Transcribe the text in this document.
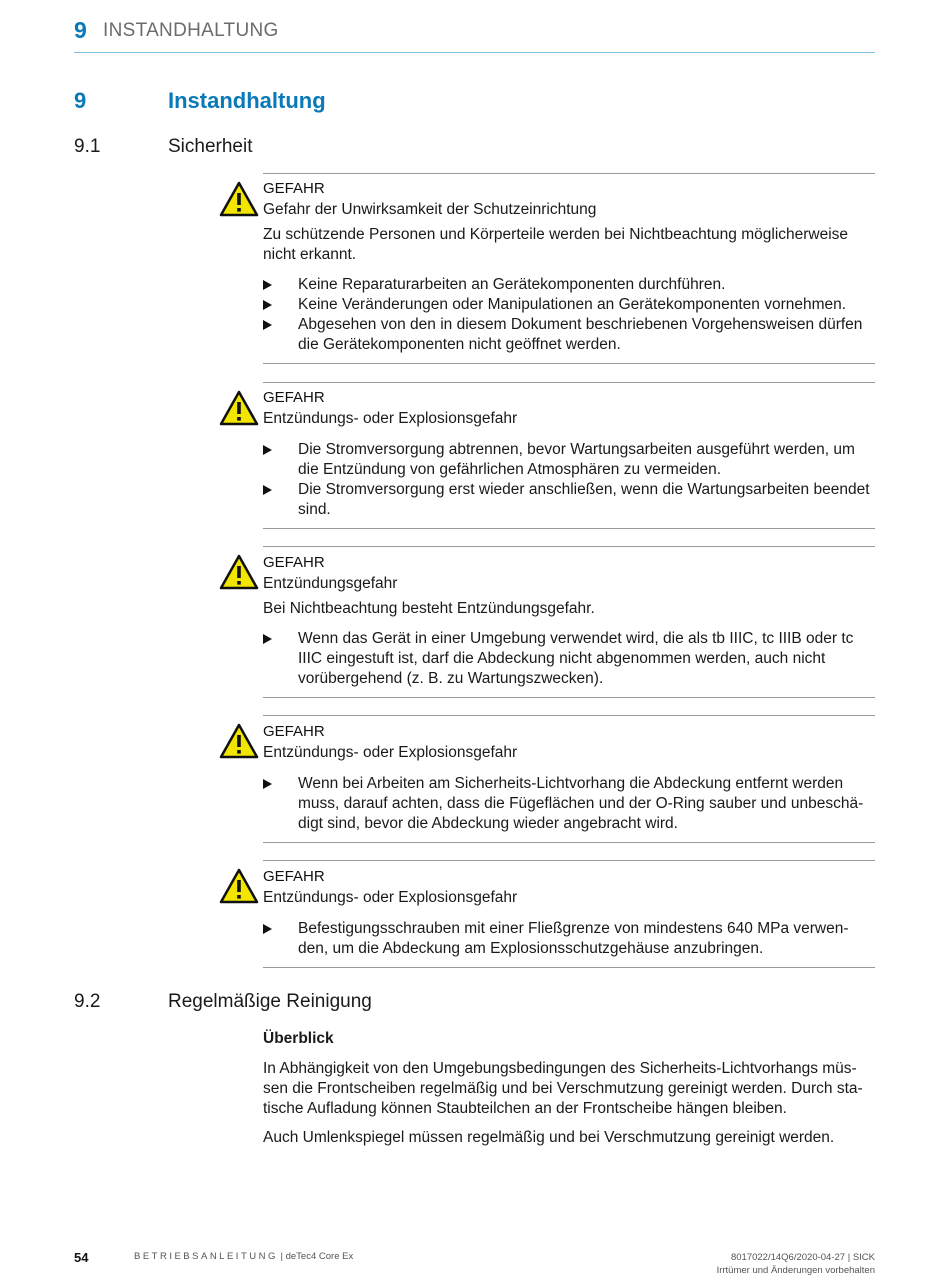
9 INSTANDHALTUNG
9	Instandhaltung
9.1	Sicherheit
GEFAHR
Gefahr der Unwirksamkeit der Schutzeinrichtung
Zu schützende Personen und Körperteile werden bei Nichtbeachtung möglicherweise nicht erkannt.
Keine Reparaturarbeiten an Gerätekomponenten durchführen.
Keine Veränderungen oder Manipulationen an Gerätekomponenten vornehmen.
Abgesehen von den in diesem Dokument beschriebenen Vorgehensweisen dürfen die Gerätekomponenten nicht geöffnet werden.
GEFAHR
Entzündungs- oder Explosionsgefahr
Die Stromversorgung abtrennen, bevor Wartungsarbeiten ausgeführt werden, um die Entzündung von gefährlichen Atmosphären zu vermeiden.
Die Stromversorgung erst wieder anschließen, wenn die Wartungsarbeiten beendet sind.
GEFAHR
Entzündungsgefahr
Bei Nichtbeachtung besteht Entzündungsgefahr.
Wenn das Gerät in einer Umgebung verwendet wird, die als tb IIIC, tc IIIB oder tc IIIC eingestuft ist, darf die Abdeckung nicht abgenommen werden, auch nicht vorübergehend (z. B. zu Wartungszwecken).
GEFAHR
Entzündungs- oder Explosionsgefahr
Wenn bei Arbeiten am Sicherheits-Lichtvorhang die Abdeckung entfernt werden muss, darauf achten, dass die Fügeflächen und der O-Ring sauber und unbeschädigt sind, bevor die Abdeckung wieder angebracht wird.
GEFAHR
Entzündungs- oder Explosionsgefahr
Befestigungsschrauben mit einer Fließgrenze von mindestens 640 MPa verwenden, um die Abdeckung am Explosionsschutzgehäuse anzubringen.
9.2	Regelmäßige Reinigung
Überblick
In Abhängigkeit von den Umgebungsbedingungen des Sicherheits-Lichtvorhangs müssen die Frontscheiben regelmäßig und bei Verschmutzung gereinigt werden. Durch statische Aufladung können Staubteilchen an der Frontscheibe hängen bleiben.
Auch Umlenkspiegel müssen regelmäßig und bei Verschmutzung gereinigt werden.
54	BETRIEBSANLEITUNG | deTec4 Core Ex	8017022/14Q6/2020-04-27 | SICK
Irrtümer und Änderungen vorbehalten
